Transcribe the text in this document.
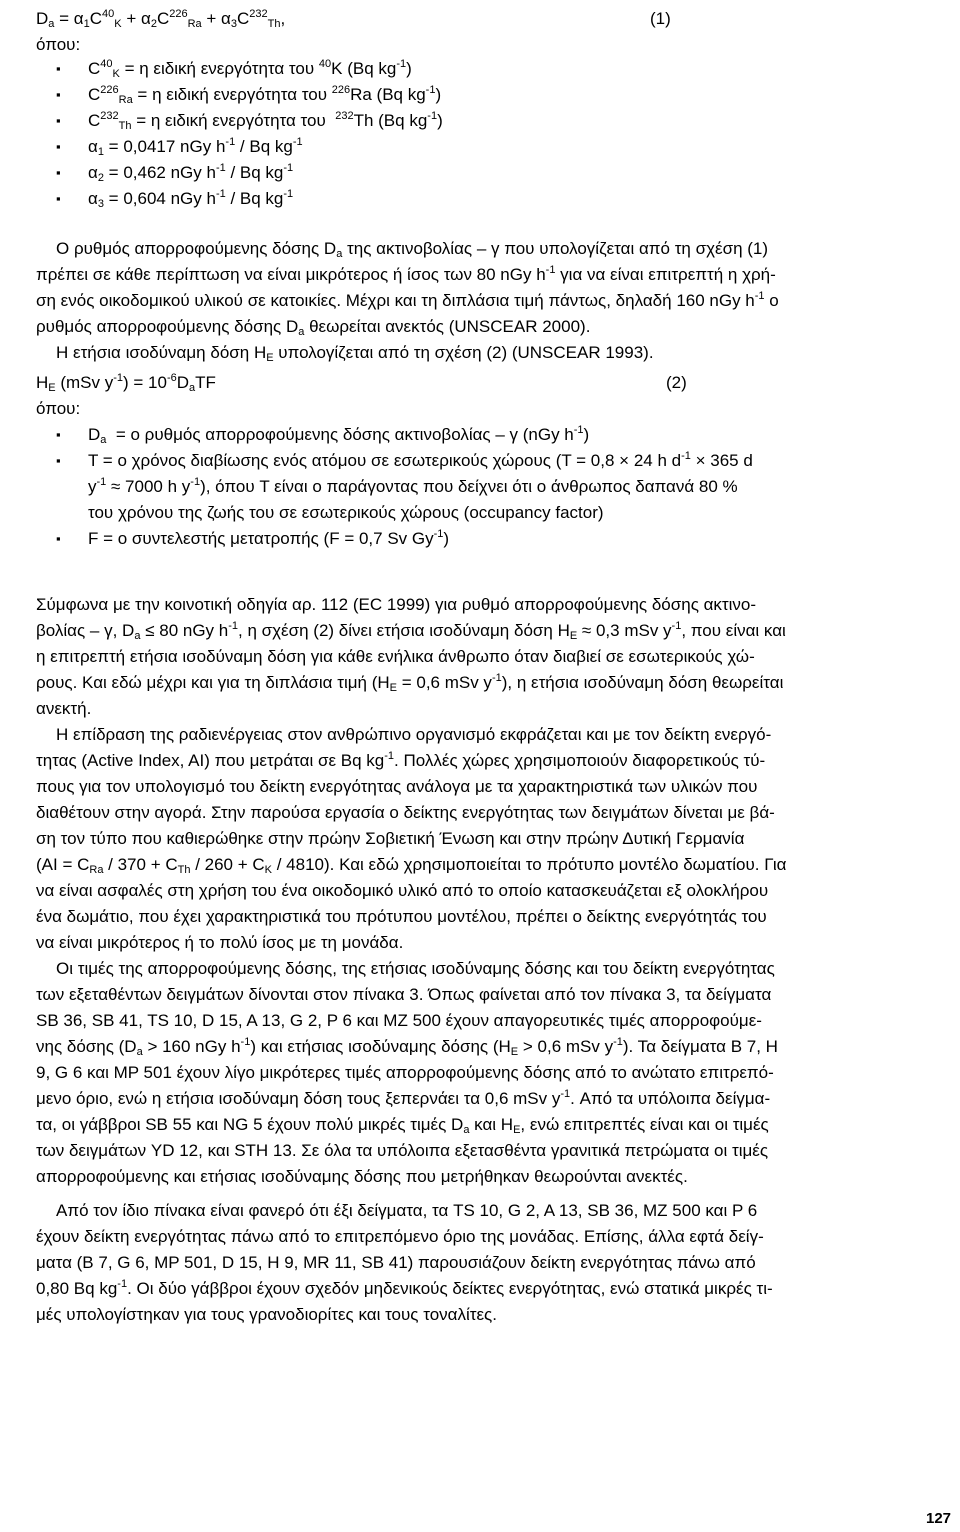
$D_a = \alpha_1C^{40}_K + \alpha_2C^{226}_{Ra} + \alpha_3C^{232}_{Th}$,	(1)
όπου:
▪ $C^{40}_K = \eta$ ειδική ενεργότητα του $^{40}$K (Bq $kg^{-1}$)
▪ $C^{226}_{Ra} = \eta$ ειδική ενεργότητα του $^{226}$Ra (Bq $kg^{-1}$)
▪ $C^{232}_{Th} = \eta$ ειδική ενεργότητα του  $^{232}$Th (Bq $kg^{-1}$)
▪ $\alpha_1 = 0,0417$ nGy $h^{-1}$ / Bq $kg^{-1}$
▪ $\alpha_2 = 0,462$ nGy $h^{-1}$ / Bq $kg^{-1}$
▪ $\alpha_3 = 0,604$ nGy $h^{-1}$ / Bq $kg^{-1}$
Ο ρυθμός απορροφούμενης δόσης $D_a$ της ακτινοβολίας – γ που υπολογίζεται από τη σχέση (1)
πρέπει σε κάθε περίπτωση να είναι μικρότερος ή ίσος των 80 nGy $h^{-1}$ για να είναι επιτρεπτή η χρή-
ση ενός οικοδομικού υλικού σε κατοικίες. Μέχρι και τη διπλάσια τιμή πάντως, δηλαδή 160 nGy $h^{-1}$ ο
ρυθμός απορροφούμενης δόσης $D_a$ θεωρείται ανεκτός (UNSCEAR 2000).
Η ετήσια ισοδύναμη δόση $H_E$ υπολογίζεται από τη σχέση (2) (UNSCEAR 1993).
$H_E$ (mSv $y^{-1}) = 10^{-6}D_aTF$	(2)
όπου:
▪ $D_a = o$ ρυθμός απορροφούμενης δόσης ακτινοβολίας – γ (nGy $h^{-1}$)
▪ T = ο χρόνος διαβίωσης ενός ατόμου σε εσωτερικούς χώρους (T = 0,8 × 24 h $d^{-1} \times 365$ d
$y^{-1} \approx 7000$ h $y^{-1}$), όπου T είναι ο παράγοντας που δείχνει ότι ο άνθρωπος δαπανά 80 %
του χρόνου της ζωής του σε εσωτερικούς χώρους (occupancy factor)
▪ F = ο συντελεστής μετατροπής (F = 0,7 Sv $Gy^{-1}$)
Σύμφωνα με την κοινοτική οδηγία αρ. 112 (EC 1999) για ρυθμό απορροφούμενης δόσης ακτινο-
βολίας – γ, $D_a \le 80$ nGy $h^{-1}$, η σχέση (2) δίνει ετήσια ισοδύναμη δόση $H_E \approx 0,3$ mSv $y^{-1}$, που είναι και
η επιτρεπτή ετήσια ισοδύναμη δόση για κάθε ενήλικα άνθρωπο όταν διαβιεί σε εσωτερικούς χώ-
ρους. Και εδώ μέχρι και για τη διπλάσια τιμή ($H_E = 0,6$ mSv $y^{-1}$), η ετήσια ισοδύναμη δόση θεωρείται
ανεκτή.
Η επίδραση της ραδιενέργειας στον ανθρώπινο οργανισμό εκφράζεται και με τον δείκτη ενεργό-
τητας (Active Index, AI) που μετράται σε Bq $kg^{-1}$. Πολλές χώρες χρησιμοποιούν διαφορετικούς τύ-
πους για τον υπολογισμό του δείκτη ενεργότητας ανάλογα με τα χαρακτηριστικά των υλικών που
διαθέτουν στην αγορά. Στην παρούσα εργασία ο δείκτης ενεργότητας των δειγμάτων δίνεται με βά-
ση τον τύπο που καθιερώθηκε στην πρώην Σοβιετική Ένωση και στην πρώην Δυτική Γερμανία
$(AI = C_{Ra} / 370 + C_{Th} / 260 + C_K / 4810)$. Και εδώ χρησιμοποιείται το πρότυπο μοντέλο δωματίου. Για
να είναι ασφαλές στη χρήση του ένα οικοδομικό υλικό από το οποίο κατασκευάζεται εξ ολοκλήρου
ένα δωμάτιο, που έχει χαρακτηριστικά του πρότυπου μοντέλου, πρέπει ο δείκτης ενεργότητάς του
να είναι μικρότερος ή το πολύ ίσος με τη μονάδα.
Οι τιμές της απορροφούμενης δόσης, της ετήσιας ισοδύναμης δόσης και του δείκτη ενεργότητας
των εξεταθέντων δειγμάτων δίνονται στον πίνακα 3. Όπως φαίνεται από τον πίνακα 3, τα δείγματα
SB 36, SB 41, TS 10, D 15, A 13, G 2, P 6 και MZ 500 έχουν απαγορευτικές τιμές απορροφούμε-
νης δόσης ($D_a > 160$ nGy $h^{-1}$) και ετήσιας ισοδύναμης δόσης ($H_E > 0,6$ mSv $y^{-1}$). Τα δείγματα B 7, H
9, G 6 και MP 501 έχουν λίγο μικρότερες τιμές απορροφούμενης δόσης από το ανώτατο επιτρεπό-
μενο όριο, ενώ η ετήσια ισοδύναμη δόση τους ξεπερνάει τα 0,6 mSv $y^{-1}$. Από τα υπόλοιπα δείγμα-
τα, οι γάββροι SB 55 και NG 5 έχουν πολύ μικρές τιμές $D_a$ και $H_E$, ενώ επιτρεπτές είναι και οι τιμές
των δειγμάτων YD 12, και STH 13. Σε όλα τα υπόλοιπα εξετασθέντα γρανιτικά πετρώματα οι τιμές
απορροφούμενης και ετήσιας ισοδύναμης δόσης που μετρήθηκαν θεωρούνται ανεκτές.
Από τον ίδιο πίνακα είναι φανερό ότι έξι δείγματα, τα TS 10, G 2, A 13, SB 36, MZ 500 και P 6
έχουν δείκτη ενεργότητας πάνω από το επιτρεπόμενο όριο της μονάδας. Επίσης, άλλα εφτά δείγ-
ματα (B 7, G 6, MP 501, D 15, H 9, MR 11, SB 41) παρουσιάζουν δείκτη ενεργότητας πάνω από
0,80 Bq $kg^{-1}$. Οι δύο γάββροι έχουν σχεδόν μηδενικούς δείκτες ενεργότητας, ενώ στατικά μικρές τι-
μές υπολογίστηκαν για τους γρανοδιορίτες και τους τοναλίτες.
127
